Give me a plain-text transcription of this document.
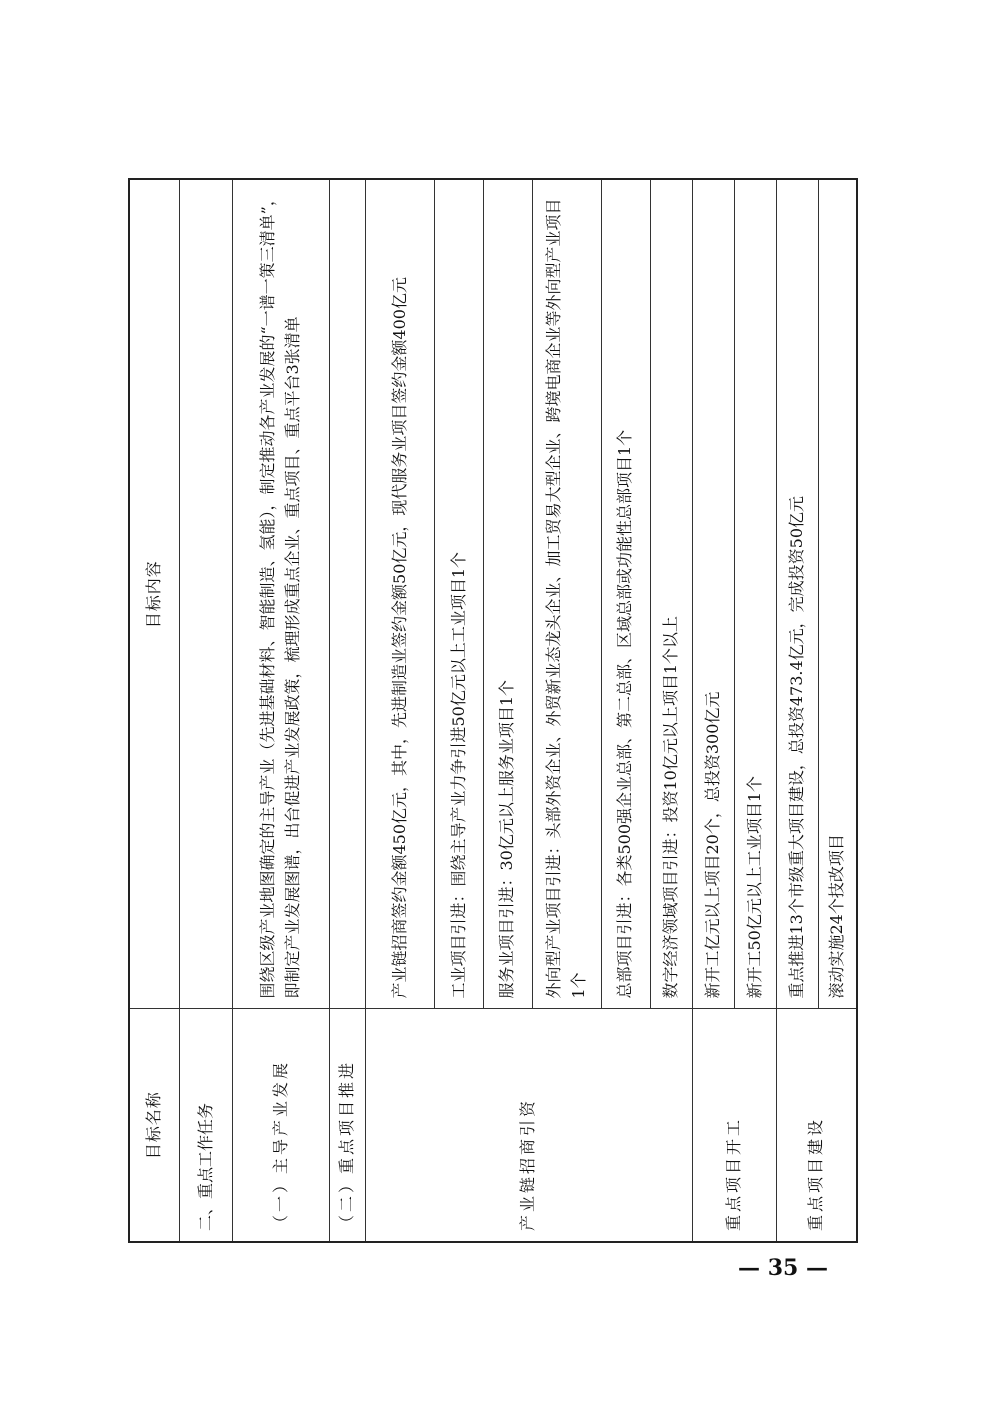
目标名称	目标内容
二、重点工作任务	
（一）主导产业发展	围绕区级产业地图确定的主导产业（先进基础材料、智能制造、氢能），制定推动各产业发展的“一谱一策三清单”，即制定产业发展图谱，出台促进产业发展政策，梳理形成重点企业、重点项目、重点平台3张清单
（二）重点项目推进	
产业链招商引资	产业链招商签约金额450亿元，其中，先进制造业签约金额50亿元，现代服务业项目签约金额400亿元
	工业项目引进：围绕主导产业力争引进50亿元以上工业项目1个
	服务业项目引进：30亿元以上服务业项目1个
	外向型产业项目引进：头部外资企业、外贸新业态龙头企业、加工贸易大型企业、跨境电商企业等外向型产业项目1个
	总部项目引进：各类500强企业总部、第二总部、区域总部或功能性总部项目1个
	数字经济领域项目引进：投资10亿元以上项目1个以上
重点项目开工	新开工亿元以上项目20个，总投资300亿元
	新开工50亿元以上工业项目1个
重点项目建设	重点推进13个市级重大项目建设，总投资473.4亿元，完成投资50亿元
	滚动实施24个技改项目
— 35 —
